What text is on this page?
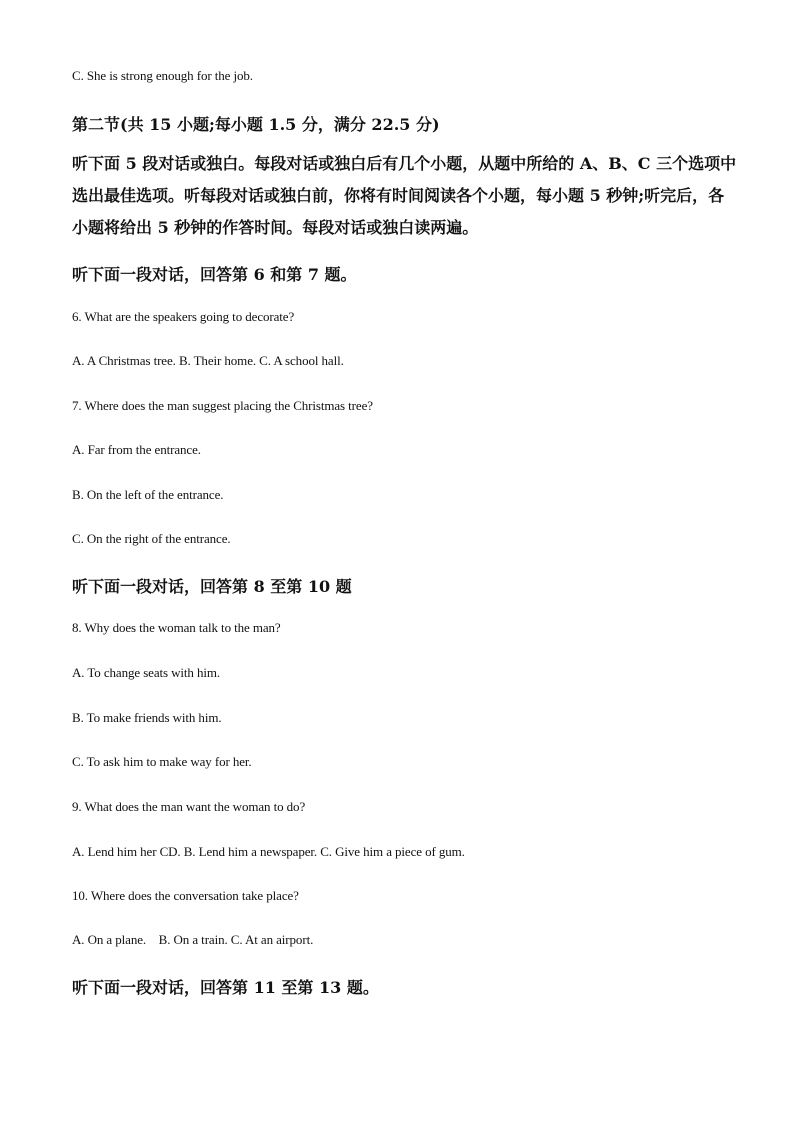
C. She is strong enough for the job.

第二节(共 15 小题;每小题 1.5 分，满分 22.5 分)

听下面 5 段对话或独白。每段对话或独白后有几个小题，从题中所给的 A、B、C 三个选项中
选出最佳选项。听每段对话或独白前，你将有时间阅读各个小题，每小题 5 秒钟;听完后，各
小题将给出 5 秒钟的作答时间。每段对话或独白读两遍。

听下面一段对话，回答第 6 和第 7 题。

6. What are the speakers going to decorate?

A. A Christmas tree. B. Their home. C. A school hall.

7. Where does the man suggest placing the Christmas tree?

A. Far from the entrance.

B. On the left of the entrance.

C. On the right of the entrance.

听下面一段对话，回答第 8 至第 10 题

8. Why does the woman talk to the man?

A. To change seats with him.

B. To make friends with him.

C. To ask him to make way for her.

9. What does the man want the woman to do?

A. Lend him her CD. B. Lend him a newspaper. C. Give him a piece of gum.

10. Where does the conversation take place?

A. On a plane.    B. On a train. C. At an airport.

听下面一段对话，回答第 11 至第 13 题。
